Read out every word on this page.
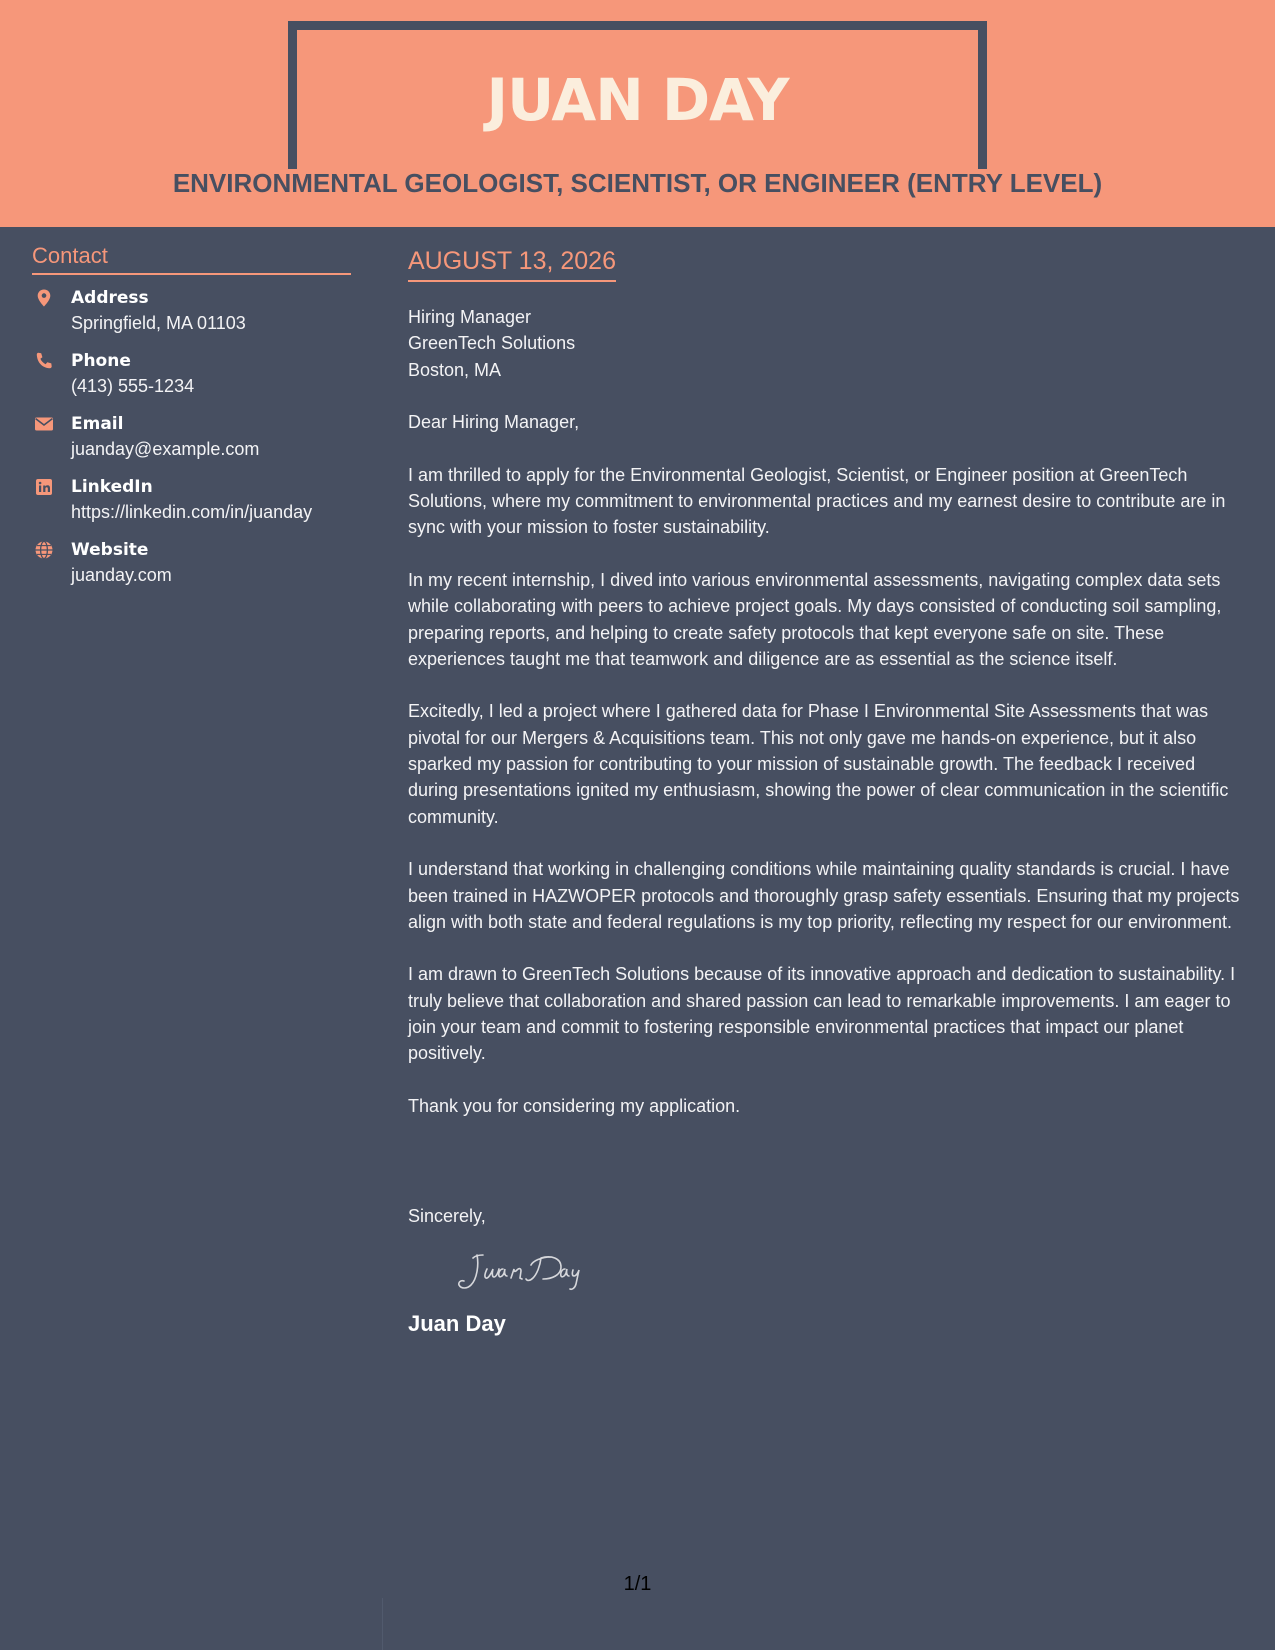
JUAN DAY
ENVIRONMENTAL GEOLOGIST, SCIENTIST, OR ENGINEER (ENTRY LEVEL)
Contact
Address
Springfield, MA 01103
Phone
(413) 555-1234
Email
juanday@example.com
LinkedIn
https://linkedin.com/in/juanday
Website
juanday.com
AUGUST 13, 2026

Hiring Manager

GreenTech Solutions

Boston, MA

Dear Hiring Manager,

I am thrilled to apply for the Environmental Geologist, Scientist, or Engineer position at GreenTech Solutions, where my commitment to environmental practices and my earnest desire to contribute are in sync with your mission to foster sustainability.

In my recent internship, I dived into various environmental assessments, navigating complex data sets while collaborating with peers to achieve project goals. My days consisted of conducting soil sampling, preparing reports, and helping to create safety protocols that kept everyone safe on site. These experiences taught me that teamwork and diligence are as essential as the science itself.

Excitedly, I led a project where I gathered data for Phase I Environmental Site Assessments that was pivotal for our Mergers & Acquisitions team. This not only gave me hands-on experience, but it also sparked my passion for contributing to your mission of sustainable growth. The feedback I received during presentations ignited my enthusiasm, showing the power of clear communication in the scientific community.

I understand that working in challenging conditions while maintaining quality standards is crucial. I have been trained in HAZWOPER protocols and thoroughly grasp safety essentials. Ensuring that my projects align with both state and federal regulations is my top priority, reflecting my respect for our environment.

I am drawn to GreenTech Solutions because of its innovative approach and dedication to sustainability. I truly believe that collaboration and shared passion can lead to remarkable improvements. I am eager to join your team and commit to fostering responsible environmental practices that impact our planet positively.

Thank you for considering my application.

Sincerely,
Juan Day
1/1
